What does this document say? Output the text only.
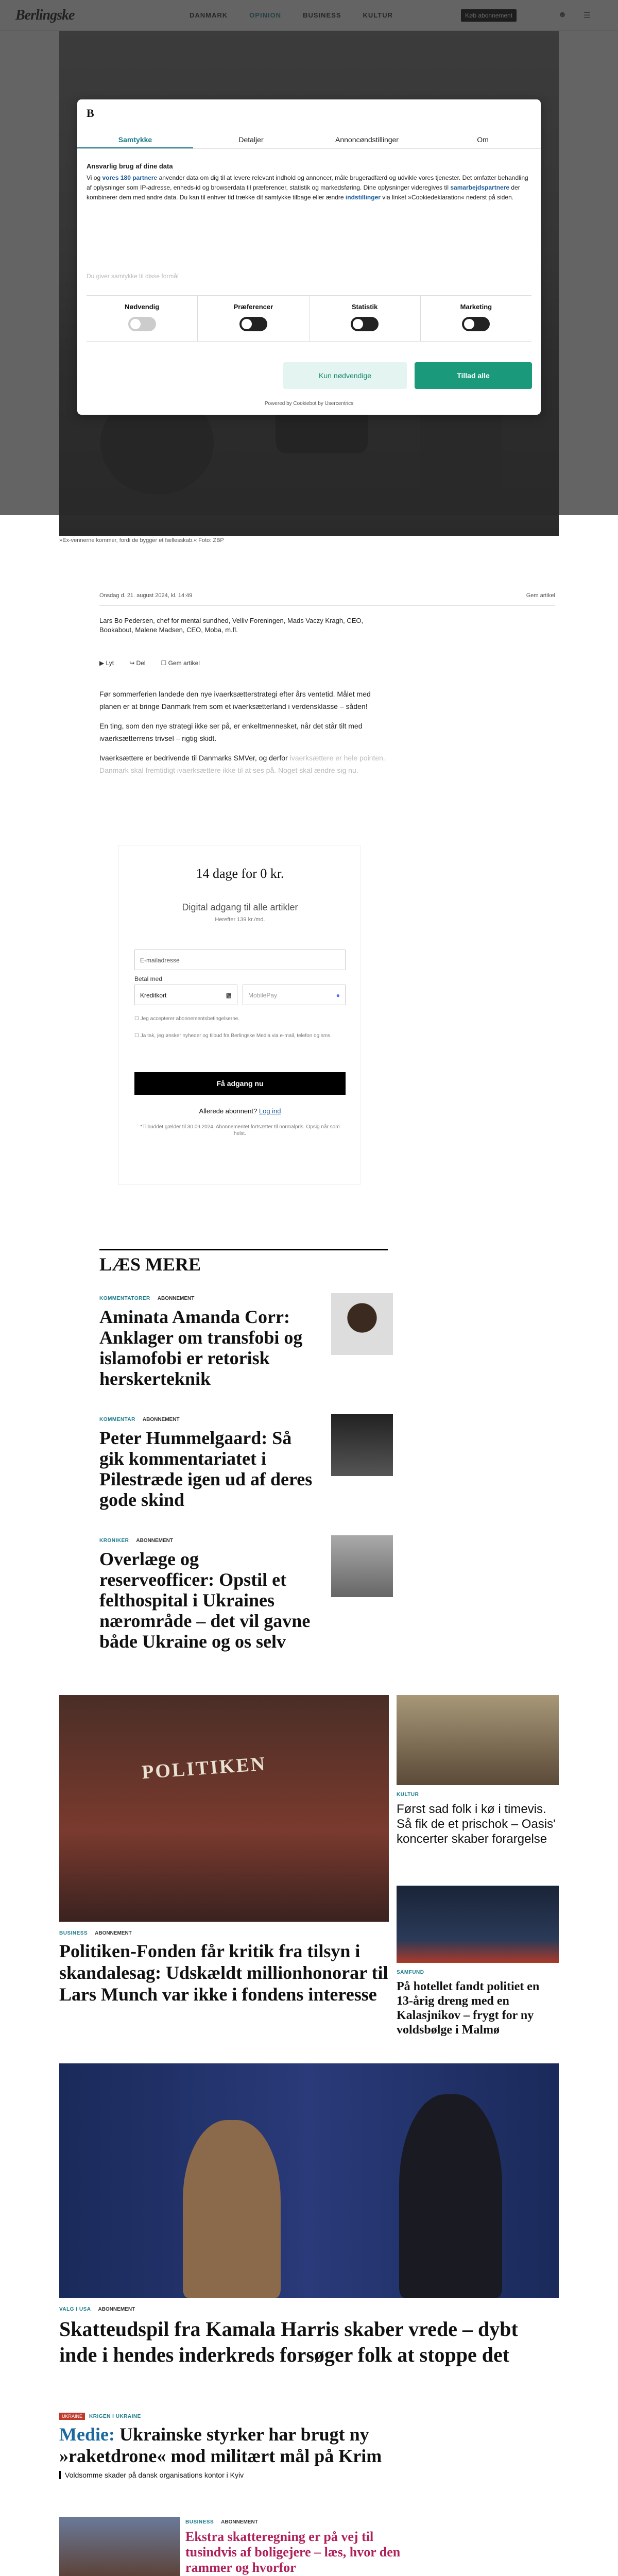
»Ex-vennerne kommer, fordi de bygger et fællesskab.« Foto: ZBP
B
Samtykke	Detaljer	Annoncøndstillinger	Om
Ansvarlig brug af dine data
Vi og vores 180 partnere anvender data om dig til at levere relevant indhold og annoncer, måle brugeradfærd og udvikle vores tjenester. Det omfatter behandling af oplysninger som IP-adresse, enheds-id og browserdata til præferencer, statistik og markedsføring. Dine oplysninger videregives til samarbejdspartnere der kombinerer dem med andre data. Du kan til enhver tid trække dit samtykke tilbage eller ændre indstillinger via linket »Cookiedeklaration« nederst på siden.
Du giver samtykke til disse formål
Nødvendig	Præferencer	Statistik	Marketing
Kun nødvendige	Tillad alle
Powered by Cookiebot by Usercentrics
Onsdag d. 21. august 2024, kl. 14:49	Gem artikel
Lars Bo Pedersen, chef for mental sundhed, Velliv Foreningen, Mads Vaczy Kragh, CEO, Bookabout, Malene Madsen, CEO, Moba, m.fl.
▶ Lyt	↪ Del	☐ Gem artikel

Før sommerferien landede den nye ivaerksætterstrategi efter års ventetid. Målet med planen er at bringe Danmark frem som et ivaerksætterland i verdensklasse – såden!

En ting, som den nye strategi ikke ser på, er enkeltmennesket, når det står tilt med ivaerksætterrens trivsel – rigtig skidt.

Ivaerksættere er bedrivende til Danmarks SMVer, og derfor ivaerksættere er hele pointen. Danmark skal fremtidigt ivaerksættere ikke til at ses på. Noget skal ændre sig nu.

14 dage for 0 kr.
Digital adgang til alle artikler
Herefter 139 kr./md.
E-mailadresse
Betal med
Kreditkort	▩	MobilePay	●
☐ Jeg accepterer abonnementsbetingelserne.
☐ Ja tak, jeg ønsker nyheder og tilbud fra Berlingske Media via e-mail, telefon og sms.
Få adgang nu
Allerede abonnent? Log ind
*Tilbuddet gælder til 30.09.2024. Abonnementet fortsætter til normalpris. Opsig når som helst.
LÆS MERE
KOMMENTATORER ABONNEMENT
Aminata Amanda Corr: Anklager om transfobi og islamofobi er retorisk herskerteknik
KOMMENTAR ABONNEMENT
Peter Hummelgaard: Så gik kommentariatet i Pilestræde igen ud af deres gode skind
KRONIKER ABONNEMENT
Overlæge og reserveofficer: Opstil et felthospital i Ukraines nærområde – det vil gavne både Ukraine og os selv
POLITIKEN
BUSINESS ABONNEMENT
Politiken-Fonden får kritik fra tilsyn i skandalesag: Udskældt millionhonorar til Lars Munch var ikke i fondens interesse
KULTUR
Først sad folk i kø i timevis. Så fik de et prischok – Oasis' koncerter skaber forargelse
SAMFUND
På hotellet fandt politiet en 13-årig dreng med en Kalasjnikov – frygt for ny voldsbølge i Malmø
VALG I USA ABONNEMENT
Skatteudspil fra Kamala Harris skaber vrede – dybt inde i hendes inderkreds forsøger folk at stoppe det
UKRAINE KRIGEN I UKRAINE
Medie: Ukrainske styrker har brugt ny »raketdrone« mod militært mål på Krim
Voldsomme skader på dansk organisations kontor i Kyiv
BUSINESS ABONNEMENT
Ekstra skatteregning er på vej til tusindvis af boligejere – læs, hvor den rammer og hvorfor
